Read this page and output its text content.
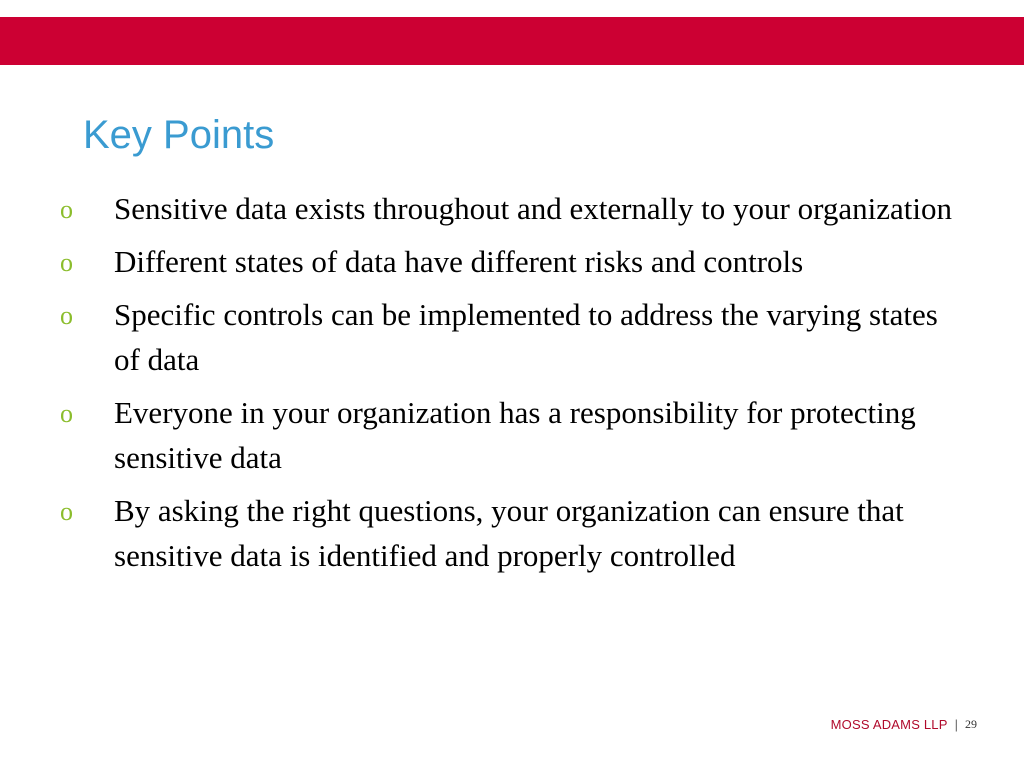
Key Points
o	Sensitive data exists throughout and externally to your organization
o	Different states of data have different risks and controls
o	Specific controls can be implemented to address the varying states of data
o	Everyone in your organization has a responsibility for protecting sensitive data
o	By asking the right questions, your organization can ensure that sensitive data is identified and properly controlled
MOSS ADAMS LLP | 29
